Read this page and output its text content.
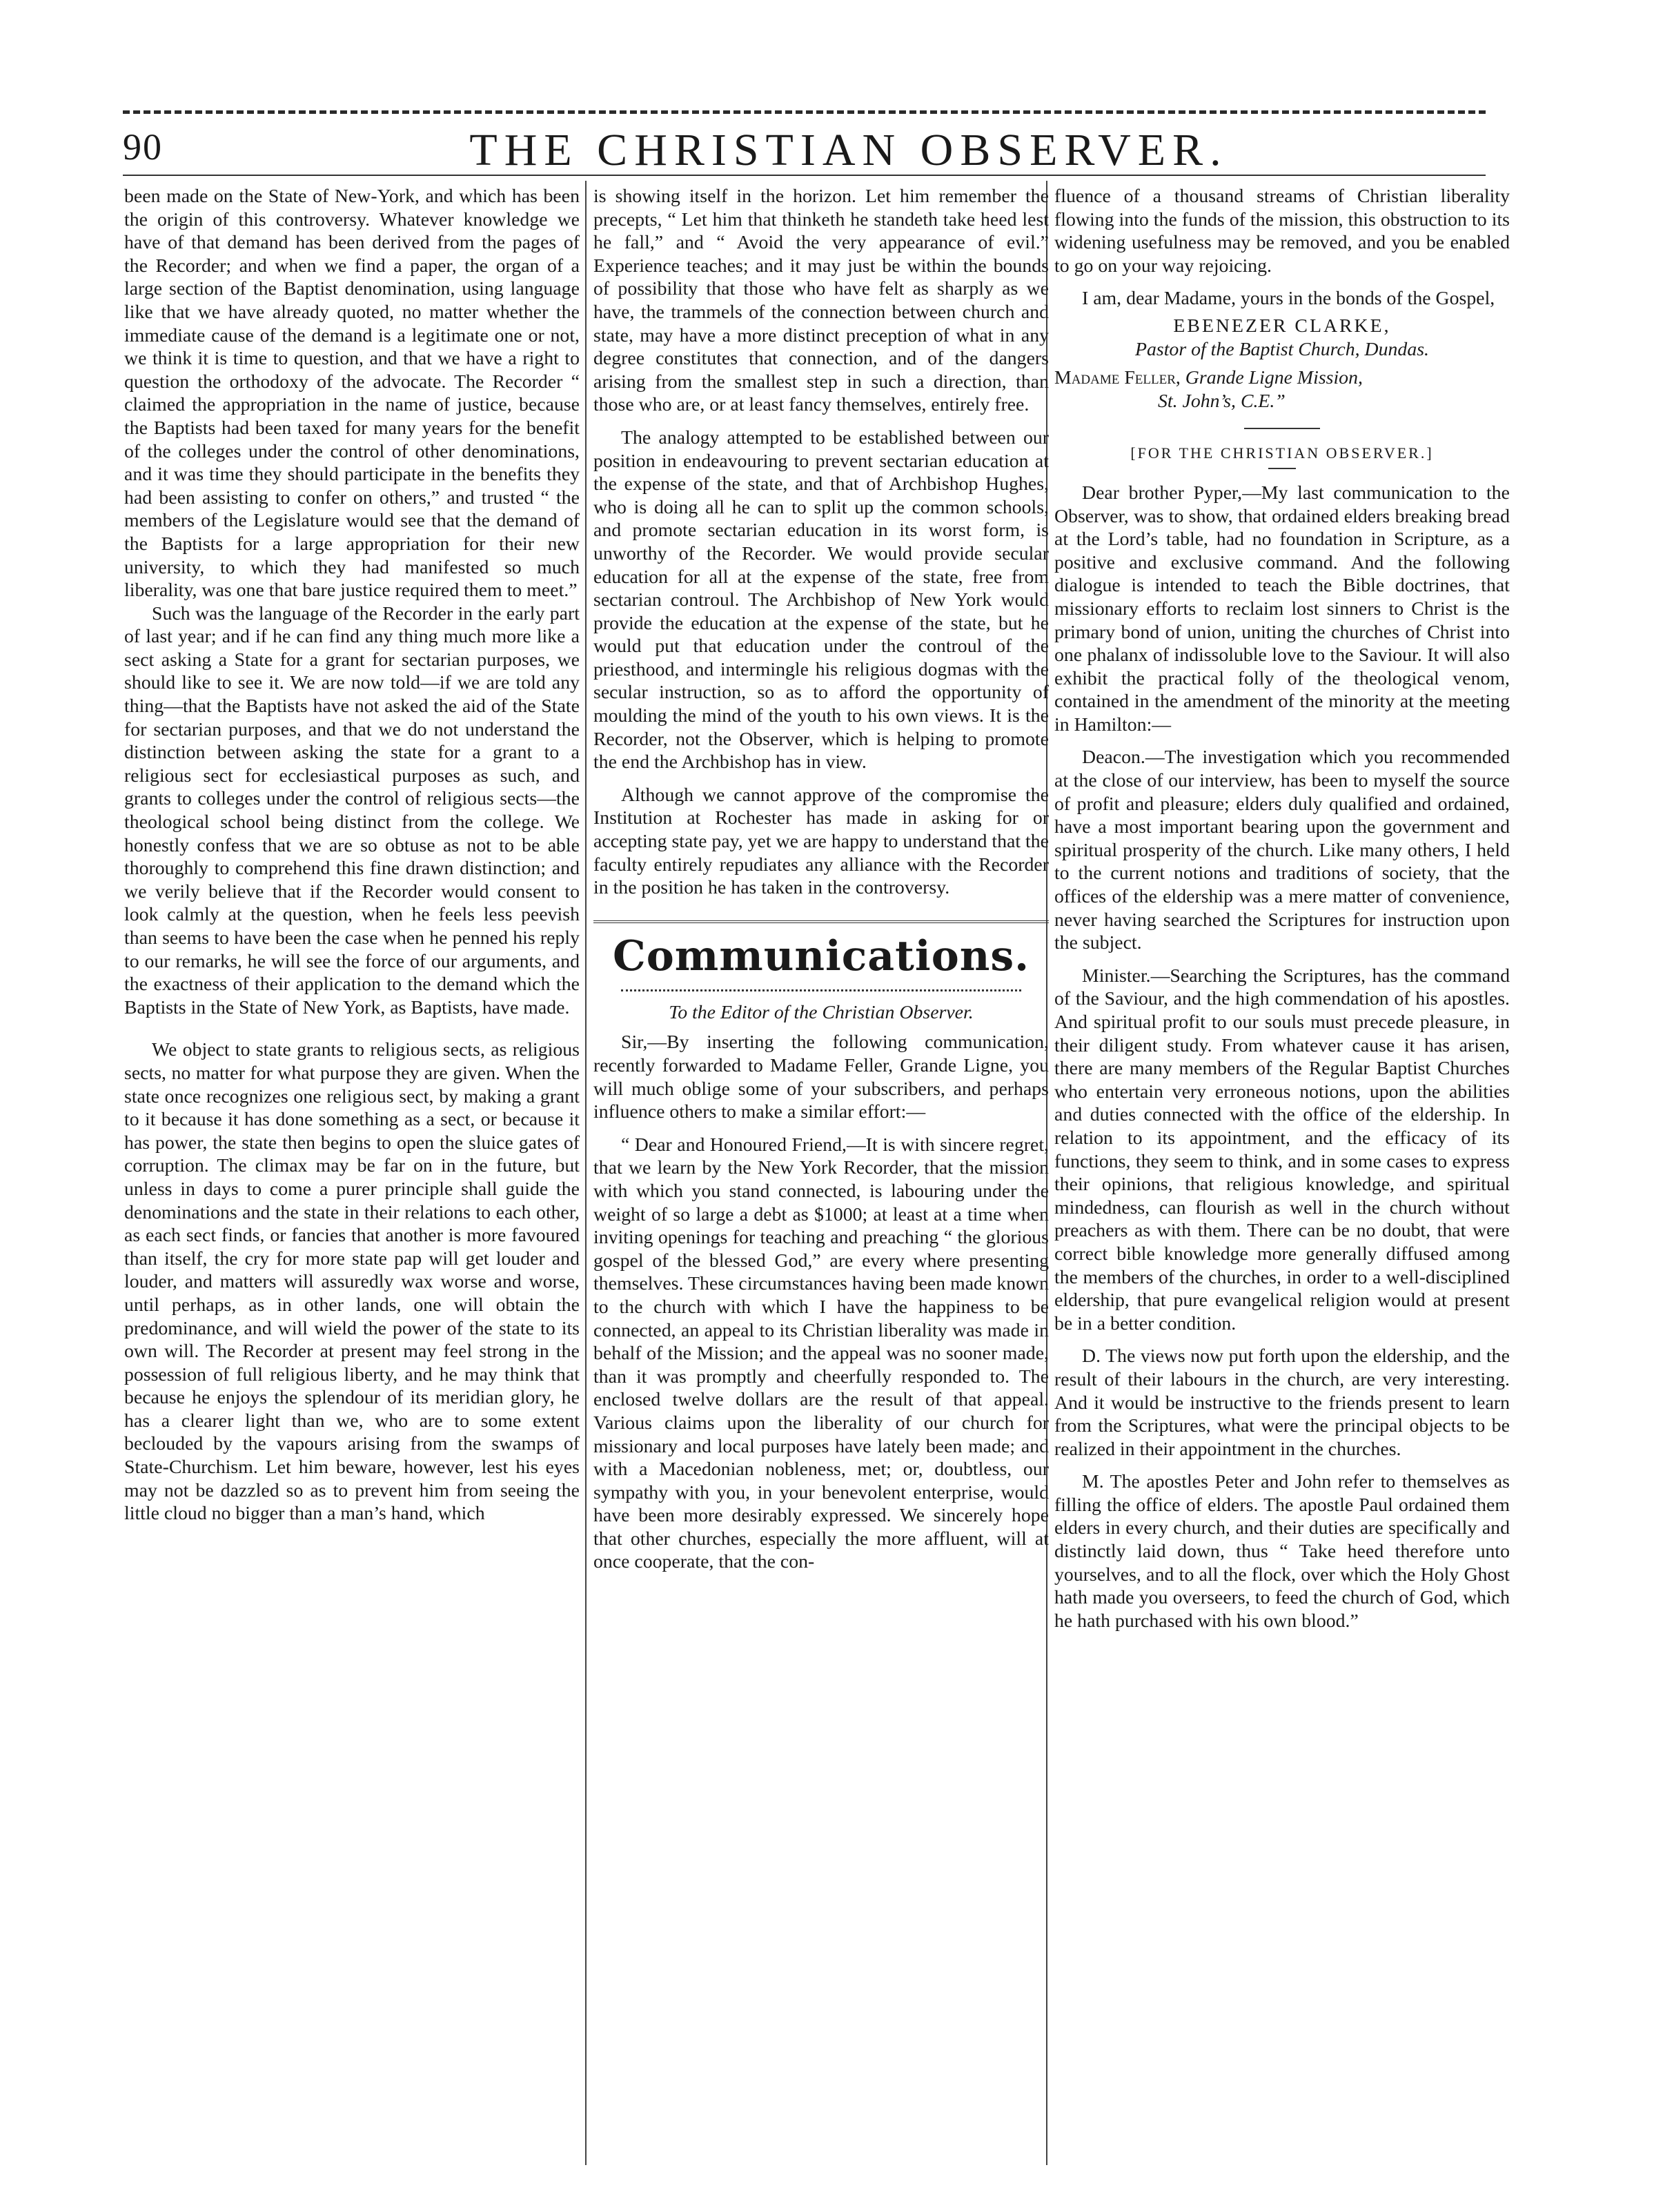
90	THE CHRISTIAN OBSERVER.

been made on the State of New-York, and which has been the origin of this controversy. Whatever knowledge we have of that demand has been derived from the pages of the Recorder; and when we find a paper, the organ of a large section of the Baptist denomination, using language like that we have already quoted, no matter whether the immediate cause of the demand is a legitimate one or not, we think it is time to question, and that we have a right to question the orthodoxy of the advocate. The Recorder “ claimed the appropriation in the name of justice, because the Baptists had been taxed for many years for the benefit of the colleges under the control of other denominations, and it was time they should participate in the benefits they had been assisting to confer on others,” and trusted “ the members of the Legislature would see that the demand of the Baptists for a large appropriation for their new university, to which they had manifested so much liberality, was one that bare justice required them to meet.”

Such was the language of the Recorder in the early part of last year; and if he can find any thing much more like a sect asking a State for a grant for sectarian purposes, we should like to see it. We are now told—if we are told any thing—that the Baptists have not asked the aid of the State for sectarian purposes, and that we do not understand the distinction between asking the state for a grant to a religious sect for ecclesiastical purposes as such, and grants to colleges under the control of religious sects—the theological school being distinct from the college. We honestly confess that we are so obtuse as not to be able thoroughly to comprehend this fine drawn distinction; and we verily believe that if the Recorder would consent to look calmly at the question, when he feels less peevish than seems to have been the case when he penned his reply to our remarks, he will see the force of our arguments, and the exactness of their application to the demand which the Baptists in the State of New York, as Baptists, have made.

We object to state grants to religious sects, as religious sects, no matter for what purpose they are given. When the state once recognizes one religious sect, by making a grant to it because it has done something as a sect, or because it has power, the state then begins to open the sluice gates of corruption. The climax may be far on in the future, but unless in days to come a purer principle shall guide the denominations and the state in their relations to each other, as each sect finds, or fancies that another is more favoured than itself, the cry for more state pap will get louder and louder, and matters will assuredly wax worse and worse, until perhaps, as in other lands, one will obtain the predominance, and will wield the power of the state to its own will. The Recorder at present may feel strong in the possession of full religious liberty, and he may think that because he enjoys the splendour of its meridian glory, he has a clearer light than we, who are to some extent beclouded by the vapours arising from the swamps of State-Churchism. Let him beware, however, lest his eyes may not be dazzled so as to prevent him from seeing the little cloud no bigger than a man’s hand, which

is showing itself in the horizon. Let him remember the precepts, “ Let him that thinketh he standeth take heed lest he fall,” and “ Avoid the very appearance of evil.” Experience teaches; and it may just be within the bounds of possibility that those who have felt as sharply as we have, the trammels of the connection between church and state, may have a more distinct preception of what in any degree constitutes that connection, and of the dangers arising from the smallest step in such a direction, than those who are, or at least fancy themselves, entirely free.

The analogy attempted to be established between our position in endeavouring to prevent sectarian education at the expense of the state, and that of Archbishop Hughes, who is doing all he can to split up the common schools, and promote sectarian education in its worst form, is unworthy of the Recorder. We would provide secular education for all at the expense of the state, free from sectarian controul. The Archbishop of New York would provide the education at the expense of the state, but he would put that education under the controul of the priesthood, and intermingle his religious dogmas with the secular instruction, so as to afford the opportunity of moulding the mind of the youth to his own views. It is the Recorder, not the Observer, which is helping to promote the end the Archbishop has in view.

Although we cannot approve of the compromise the Institution at Rochester has made in asking for or accepting state pay, yet we are happy to understand that the faculty entirely repudiates any alliance with the Recorder in the position he has taken in the controversy.

Communications.
To the Editor of the Christian Observer.

Sir,—By inserting the following communication, recently forwarded to Madame Feller, Grande Ligne, you will much oblige some of your subscribers, and perhaps influence others to make a similar effort:—

“ Dear and Honoured Friend,—It is with sincere regret, that we learn by the New York Recorder, that the mission with which you stand connected, is labouring under the weight of so large a debt as $1000; at least at a time when inviting openings for teaching and preaching “ the glorious gospel of the blessed God,” are every where presenting themselves. These circumstances having been made known to the church with which I have the happiness to be connected, an appeal to its Christian liberality was made in behalf of the Mission; and the appeal was no sooner made, than it was promptly and cheerfully responded to. The enclosed twelve dollars are the result of that appeal. Various claims upon the liberality of our church for missionary and local purposes have lately been made; and with a Macedonian nobleness, met; or, doubtless, our sympathy with you, in your benevolent enterprise, would have been more desirably expressed. We sincerely hope that other churches, especially the more affluent, will at once cooperate, that the con-

fluence of a thousand streams of Christian liberality flowing into the funds of the mission, this obstruction to its widening usefulness may be removed, and you be enabled to go on your way rejoicing.

I am, dear Madame, yours in the bonds of the Gospel,

EBENEZER CLARKE,
Pastor of the Baptist Church, Dundas.
Madame Feller, Grande Ligne Mission,
St. John’s, C.E.”
[FOR THE CHRISTIAN OBSERVER.]

Dear brother Pyper,—My last communication to the Observer, was to show, that ordained elders breaking bread at the Lord’s table, had no foundation in Scripture, as a positive and exclusive command. And the following dialogue is intended to teach the Bible doctrines, that missionary efforts to reclaim lost sinners to Christ is the primary bond of union, uniting the churches of Christ into one phalanx of indissoluble love to the Saviour. It will also exhibit the practical folly of the theological venom, contained in the amendment of the minority at the meeting in Hamilton:—

Deacon.—The investigation which you recommended at the close of our interview, has been to myself the source of profit and pleasure; elders duly qualified and ordained, have a most important bearing upon the government and spiritual prosperity of the church. Like many others, I held to the current notions and traditions of society, that the offices of the eldership was a mere matter of convenience, never having searched the Scriptures for instruction upon the subject.

Minister.—Searching the Scriptures, has the command of the Saviour, and the high commendation of his apostles. And spiritual profit to our souls must precede pleasure, in their diligent study. From whatever cause it has arisen, there are many members of the Regular Baptist Churches who entertain very erroneous notions, upon the abilities and duties connected with the office of the eldership. In relation to its appointment, and the efficacy of its functions, they seem to think, and in some cases to express their opinions, that religious knowledge, and spiritual mindedness, can flourish as well in the church without preachers as with them. There can be no doubt, that were correct bible knowledge more generally diffused among the members of the churches, in order to a well-disciplined eldership, that pure evangelical religion would at present be in a better condition.

D. The views now put forth upon the eldership, and the result of their labours in the church, are very interesting. And it would be instructive to the friends present to learn from the Scriptures, what were the principal objects to be realized in their appointment in the churches.

M. The apostles Peter and John refer to themselves as filling the office of elders. The apostle Paul ordained them elders in every church, and their duties are specifically and distinctly laid down, thus “ Take heed therefore unto yourselves, and to all the flock, over which the Holy Ghost hath made you overseers, to feed the church of God, which he hath purchased with his own blood.”
